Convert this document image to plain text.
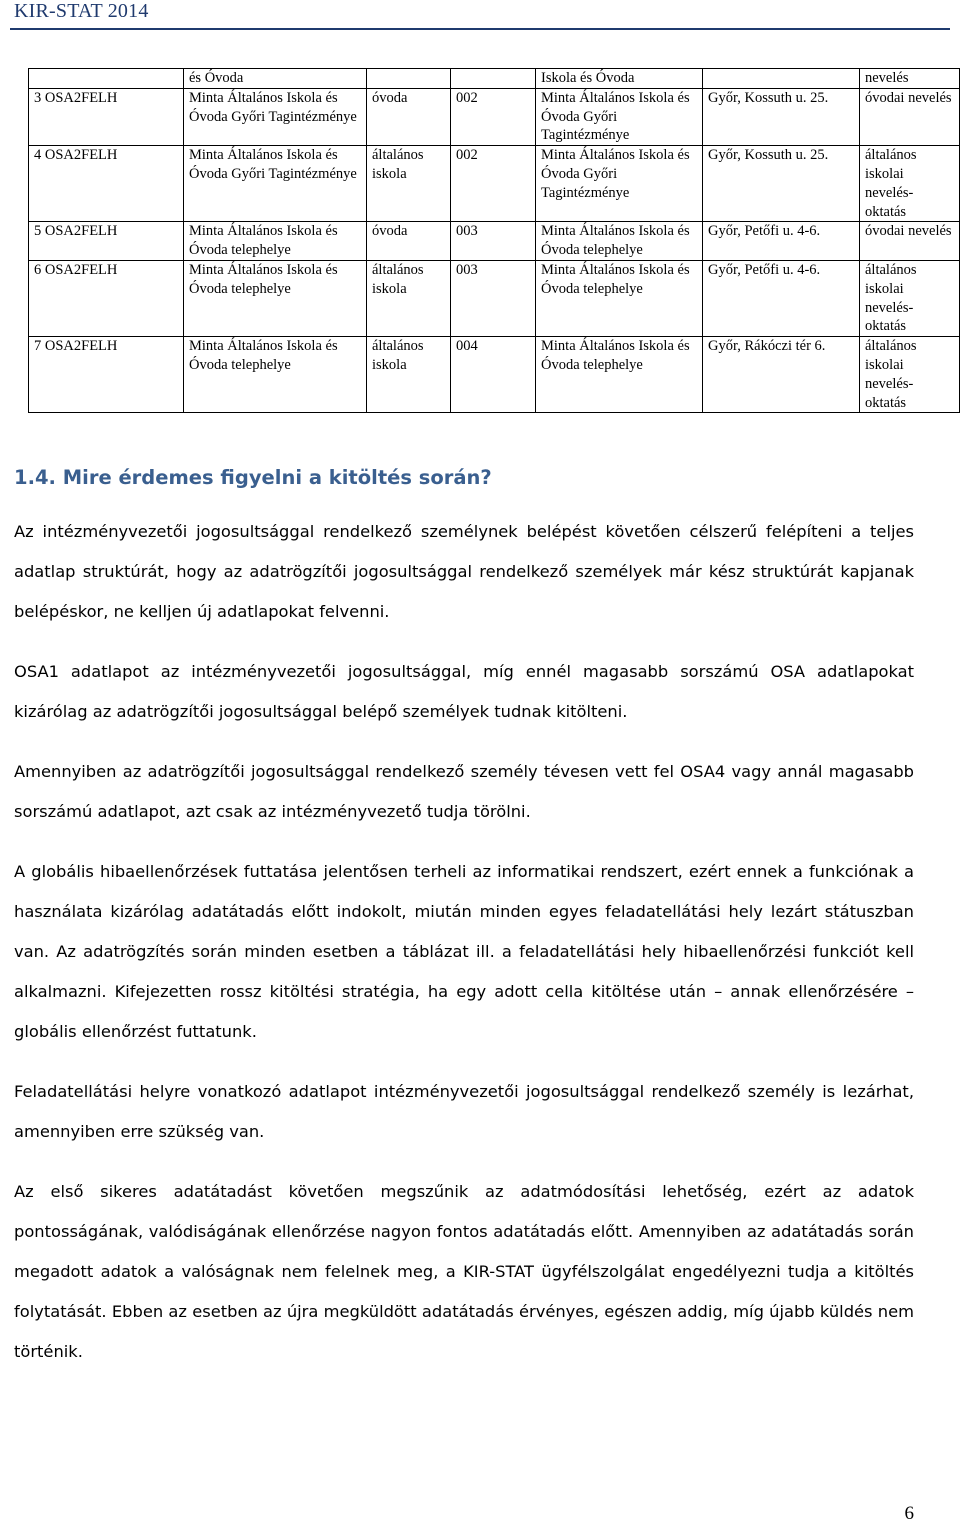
KIR-STAT 2014
	és Óvoda			Iskola és Óvoda		nevelés
3 OSA2FELH	Minta Általános Iskola és Óvoda Győri Tagintézménye	óvoda	002	Minta Általános Iskola és Óvoda Győri Tagintézménye	Győr, Kossuth u. 25.	óvodai nevelés
4 OSA2FELH	Minta Általános Iskola és Óvoda Győri Tagintézménye	általános iskola	002	Minta Általános Iskola és Óvoda Győri Tagintézménye	Győr, Kossuth u. 25.	általános iskolai nevelés-oktatás
5 OSA2FELH	Minta Általános Iskola és Óvoda telephelye	óvoda	003	Minta Általános Iskola és Óvoda telephelye	Győr, Petőfi u. 4-6.	óvodai nevelés
6 OSA2FELH	Minta Általános Iskola és Óvoda telephelye	általános iskola	003	Minta Általános Iskola és Óvoda telephelye	Győr, Petőfi u. 4-6.	általános iskolai nevelés-oktatás
7 OSA2FELH	Minta Általános Iskola és Óvoda telephelye	általános iskola	004	Minta Általános Iskola és Óvoda telephelye	Győr, Rákóczi tér 6.	általános iskolai nevelés-oktatás
1.4. Mire érdemes figyelni a kitöltés során?

Az intézményvezetői jogosultsággal rendelkező személynek belépést követően célszerű felépíteni a teljes adatlap struktúrát, hogy az adatrögzítői jogosultsággal rendelkező személyek már kész struktúrát kapjanak belépéskor, ne kelljen új adatlapokat felvenni.

OSA1 adatlapot az intézményvezetői jogosultsággal, míg ennél magasabb sorszámú OSA adatlapokat kizárólag az adatrögzítői jogosultsággal belépő személyek tudnak kitölteni.

Amennyiben az adatrögzítői jogosultsággal rendelkező személy tévesen vett fel OSA4 vagy annál magasabb sorszámú adatlapot, azt csak az intézményvezető tudja törölni.

A globális hibaellenőrzések futtatása jelentősen terheli az informatikai rendszert, ezért ennek a funkciónak a használata kizárólag adatátadás előtt indokolt, miután minden egyes feladatellátási hely lezárt státuszban van. Az adatrögzítés során minden esetben a táblázat ill. a feladatellátási hely hibaellenőrzési funkciót kell alkalmazni. Kifejezetten rossz kitöltési stratégia, ha egy adott cella kitöltése után – annak ellenőrzésére – globális ellenőrzést futtatunk.

Feladatellátási helyre vonatkozó adatlapot intézményvezetői jogosultsággal rendelkező személy is lezárhat, amennyiben erre szükség van.

Az első sikeres adatátadást követően megszűnik az adatmódosítási lehetőség, ezért az adatok pontosságának, valódiságának ellenőrzése nagyon fontos adatátadás előtt. Amennyiben az adatátadás során megadott adatok a valóságnak nem felelnek meg, a KIR-STAT ügyfélszolgálat engedélyezni tudja a kitöltés folytatását. Ebben az esetben az újra megküldött adatátadás érvényes, egészen addig, míg újabb küldés nem történik.

6
